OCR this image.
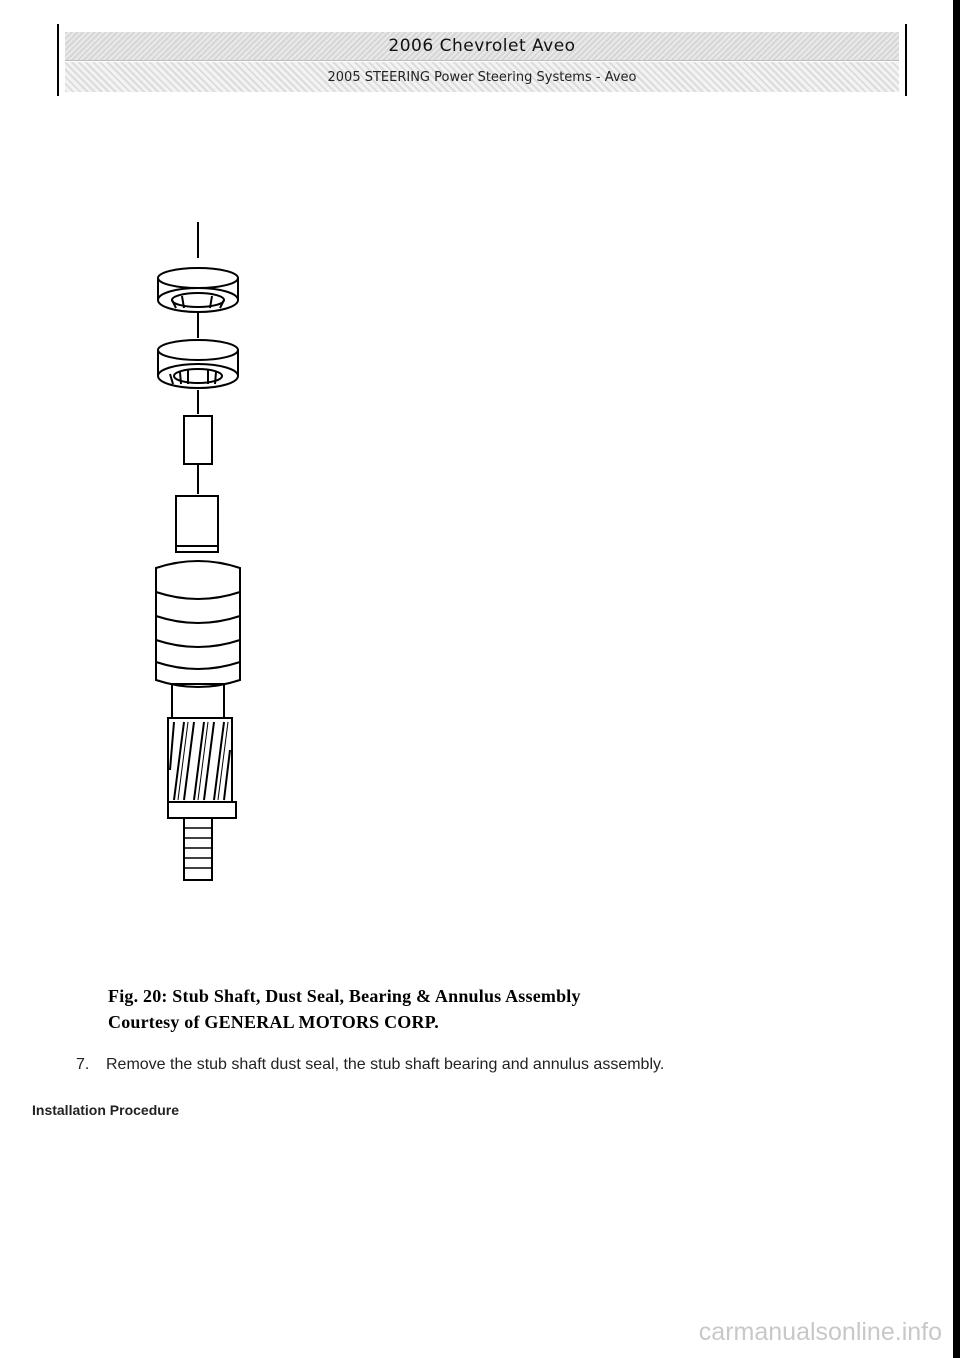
2006 Chevrolet Aveo
2005 STEERING Power Steering Systems - Aveo
Fig. 20: Stub Shaft, Dust Seal, Bearing & Annulus Assembly
Courtesy of GENERAL MOTORS CORP.
7. Remove the stub shaft dust seal, the stub shaft bearing and annulus assembly.
Installation Procedure
carmanualsonline.info
